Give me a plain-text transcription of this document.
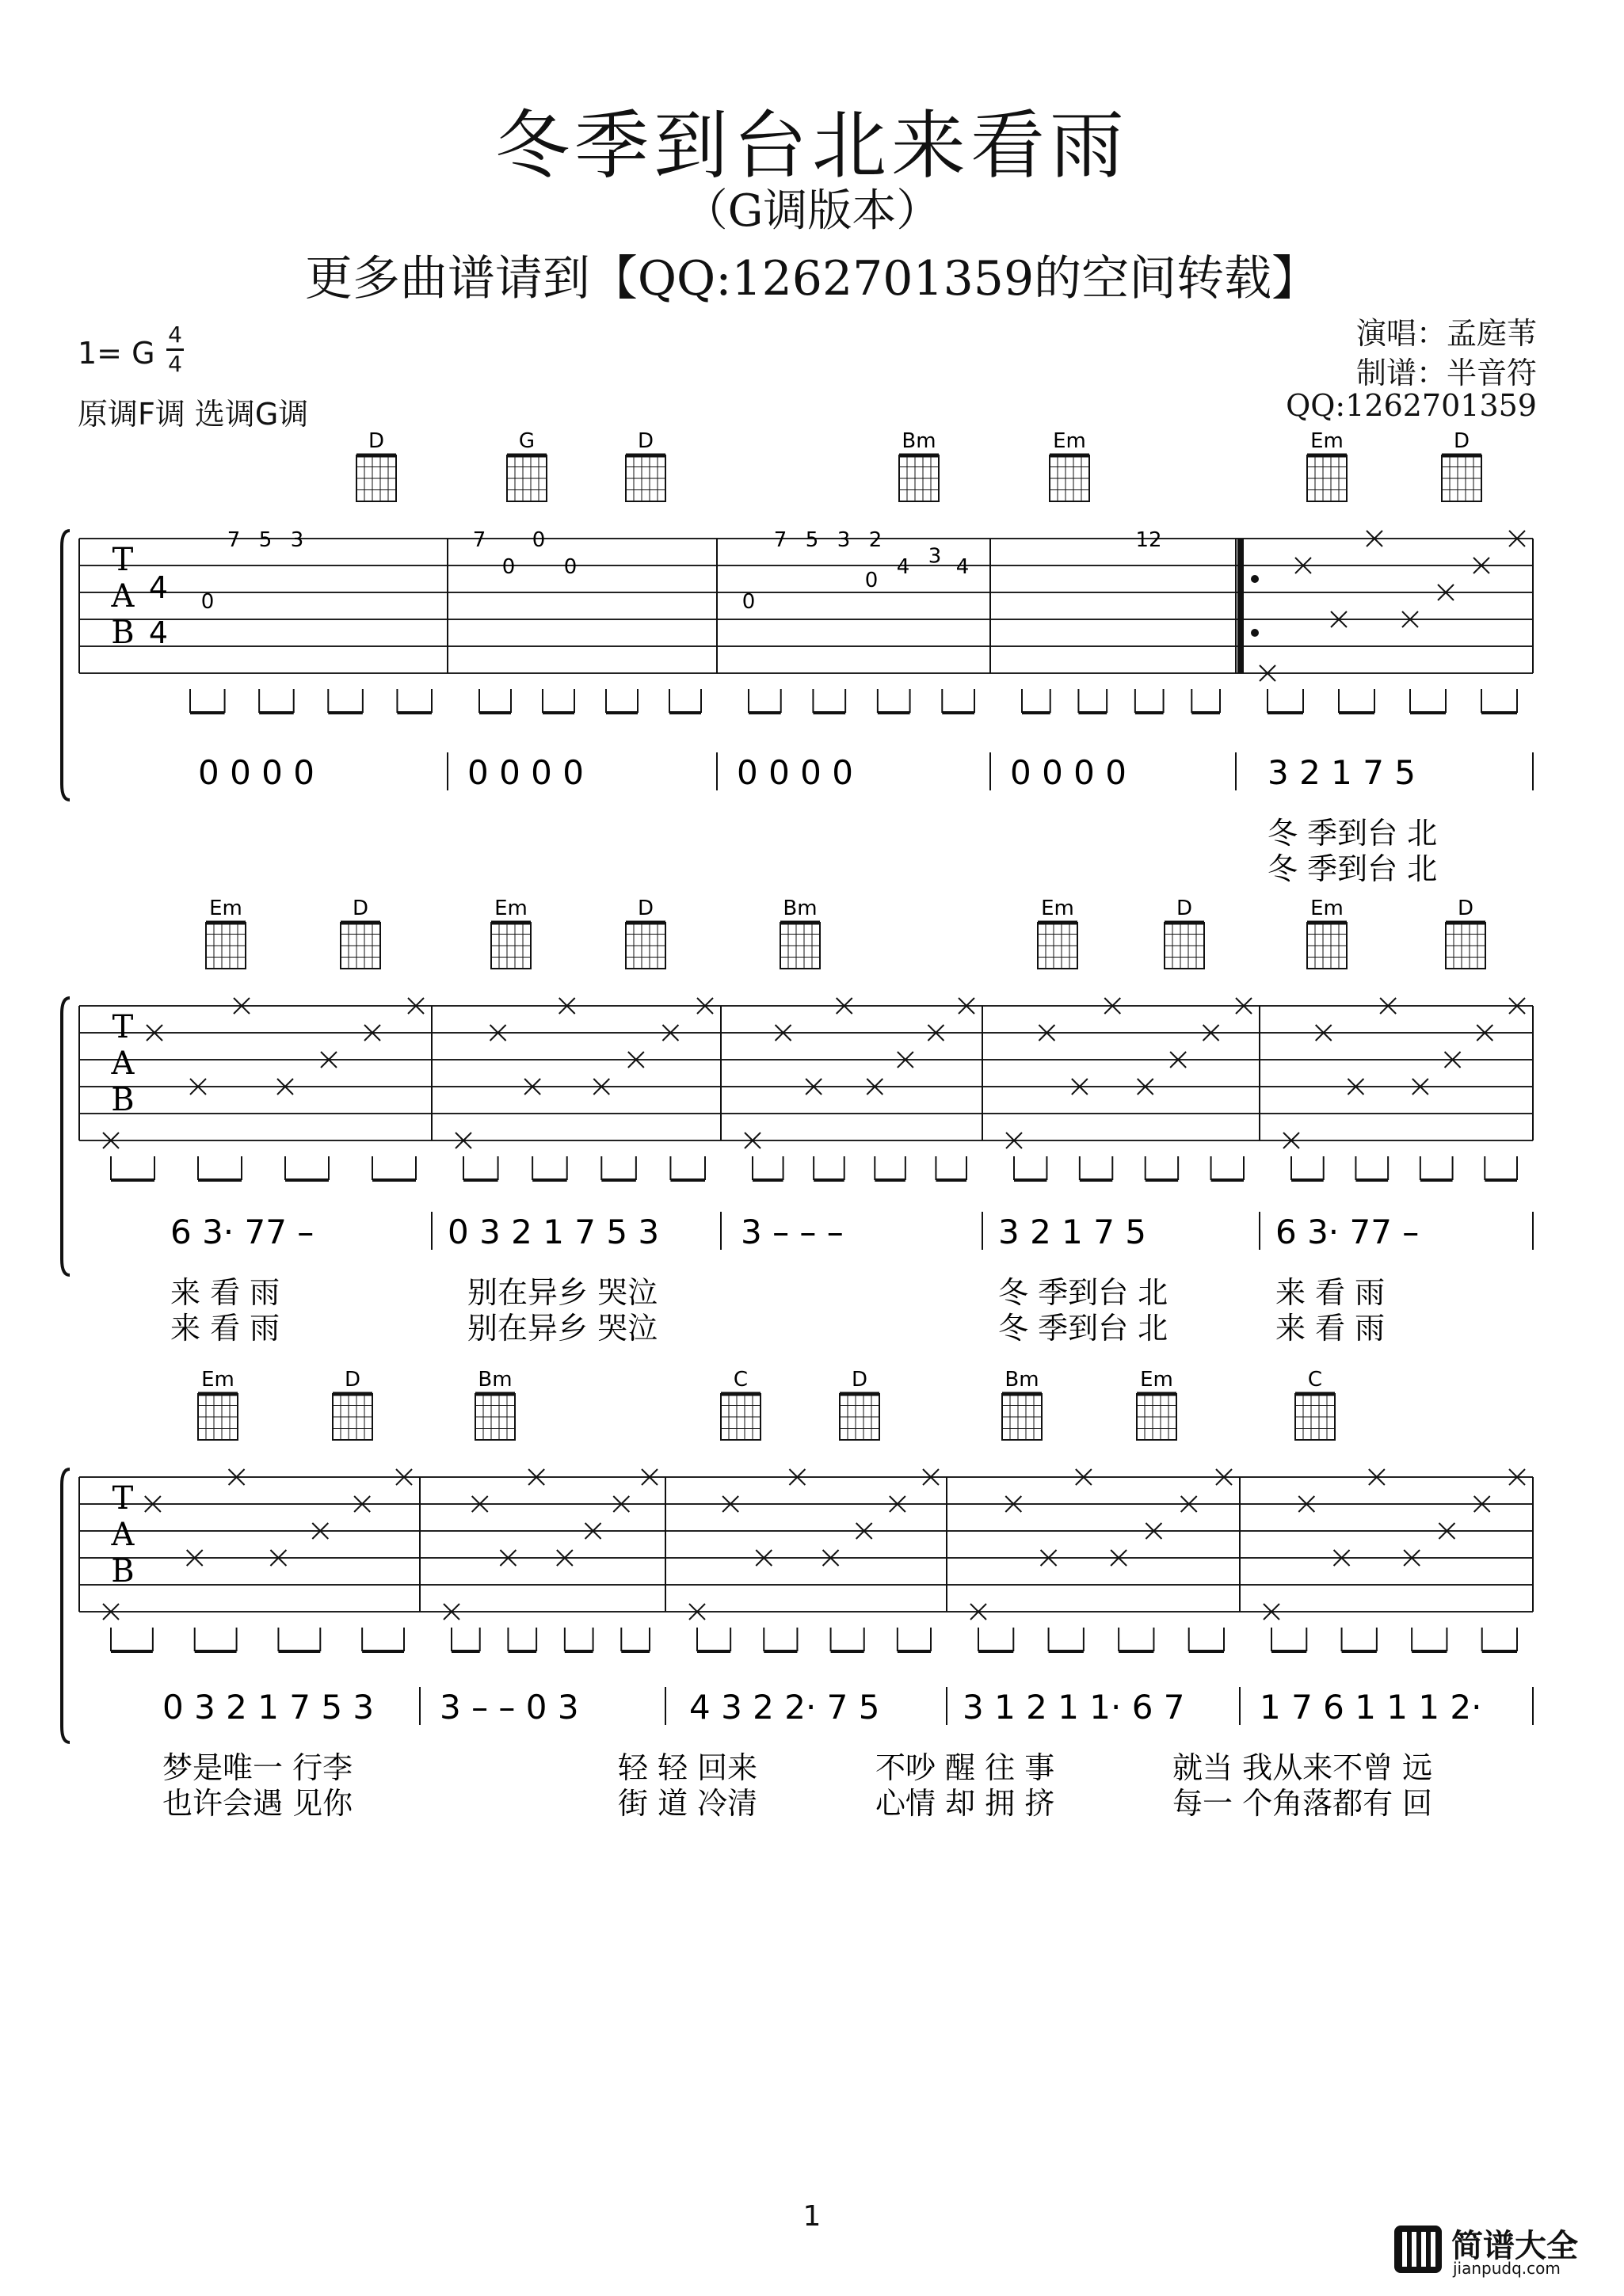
冬季到台北来看雨
（G调版本）
更多曲谱请到【QQ:1262701359的空间转载】
1= G
4
4
原调F调 选调G调
演唱：孟庭苇
制谱：半音符
QQ:1262701359
T
A
B
4
4
D	G	D	Bm	Em	Em	D
0 0 0 0	0 0 0 0	0 0 0 0	0 0 0 0	3 2 1 7 5
冬 季到台 北
冬 季到台 北
T
A
B
Em	D	Em	D	Bm	Em	D	Em	D
6 3· 77 –	0 3 2 1 7 5 3 3 – – –	3 2 1 7 5	6 3· 77 –
来 看 雨	别在异乡 哭泣	冬 季到台 北	来 看 雨
来 看 雨	别在异乡 哭泣	冬 季到台 北	来 看 雨
T
A
B
Em	D	Bm	C	D	Bm	Em	C
0 3 2 1 7 5 3 3 – – 0 3	4 3 2 2· 7 5 3 1 2 1 1· 6 7 1 7 6 1 1 1 2·
梦是唯一 行李	轻 轻 回来	不吵 醒 往 事	就当 我从来不曾 远
也许会遇 见你	街 道 冷清	心情 却 拥 挤	每一 个角落都有 回
7 5 3
0
7 0
0 0
7 5 3 2
3
0
4 4
0
12
1
简谱大全
jianpudq.com
